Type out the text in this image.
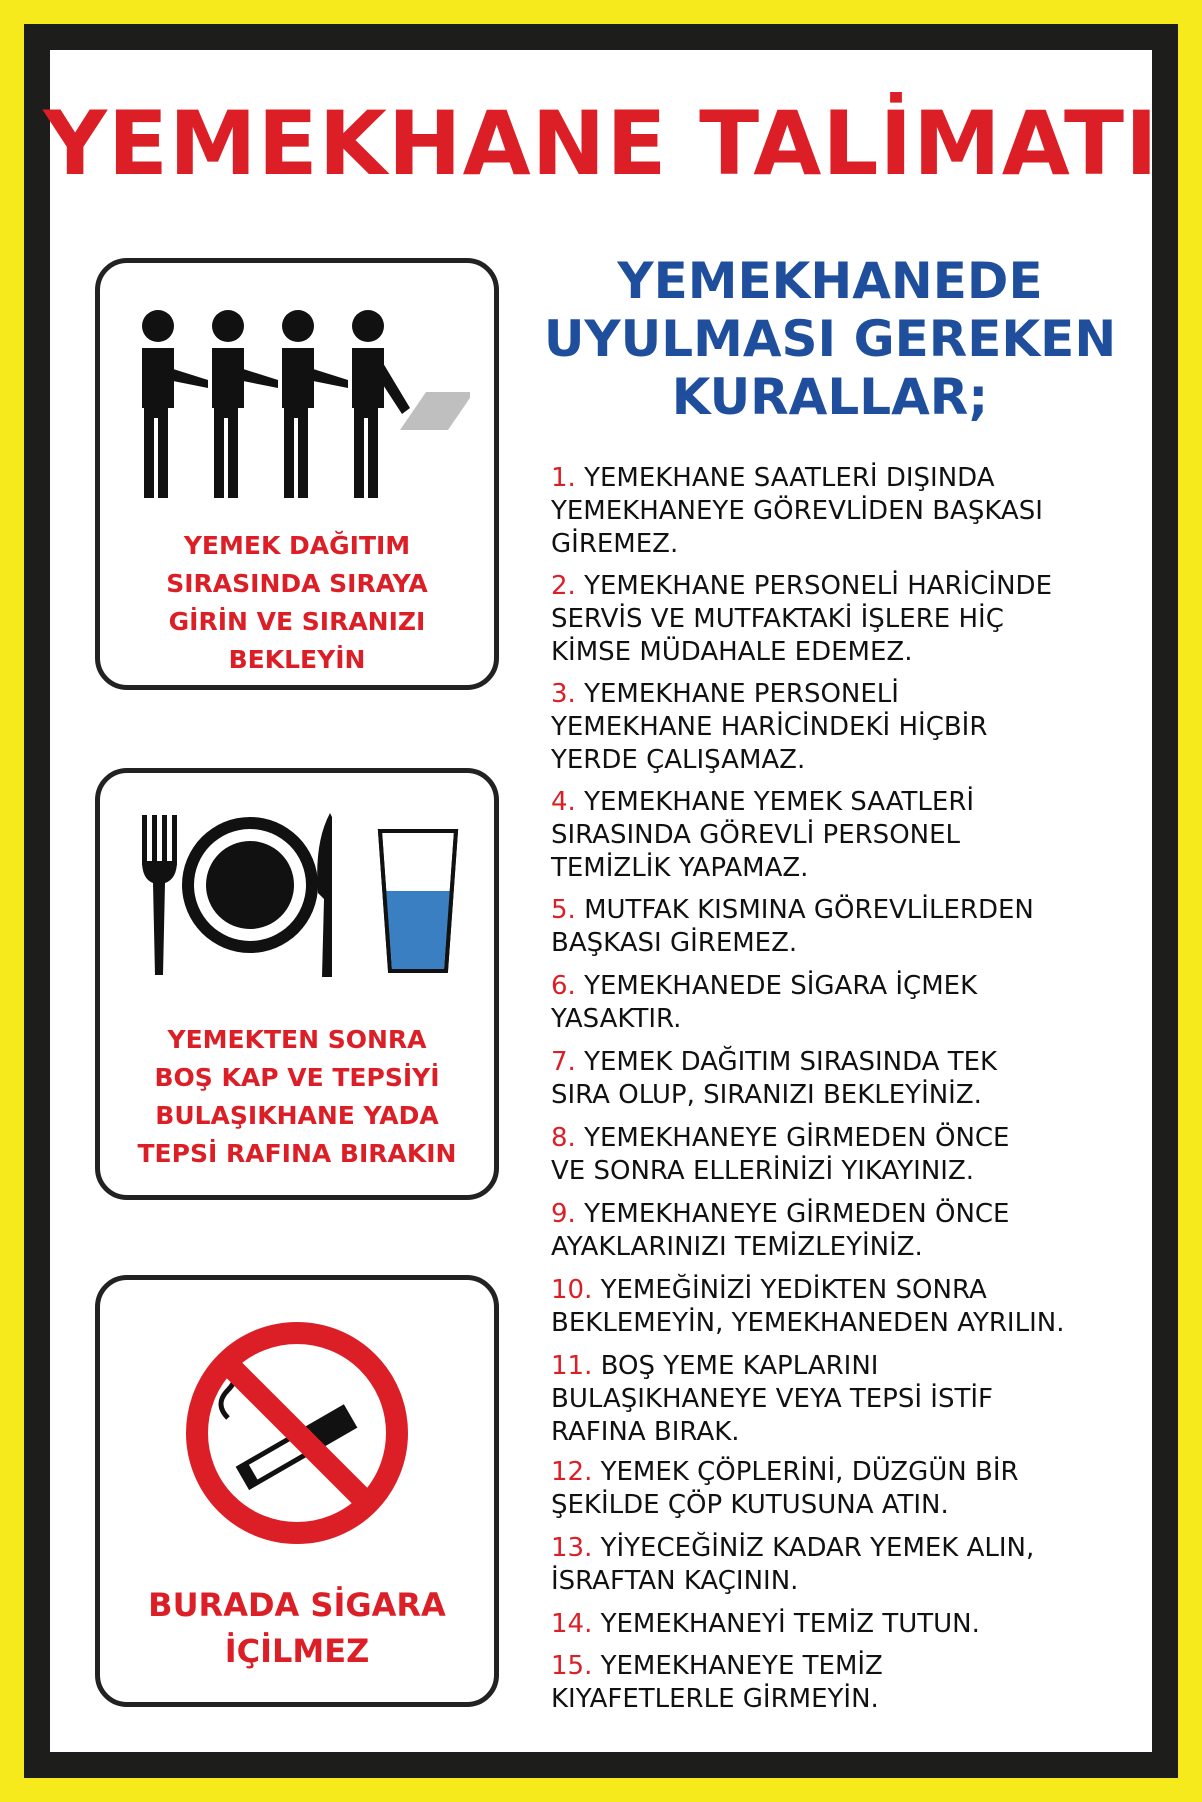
YEMEKHANE TALİMATI
YEMEK DAĞITIM
SIRASINDA SIRAYA
GİRİN VE SIRANIZI
BEKLEYİN
YEMEKTEN SONRA
BOŞ KAP VE TEPSİYİ
BULAŞIKHANE YADA
TEPSİ RAFINA BIRAKIN
BURADA SİGARA
İÇİLMEZ
YEMEKHANEDE
UYULMASI GEREKEN
KURALLAR;
1. YEMEKHANE SAATLERİ DIŞINDA
YEMEKHANEYE GÖREVLİDEN BAŞKASI
GİREMEZ.
2. YEMEKHANE PERSONELİ HARİCİNDE
SERVİS VE MUTFAKTAKİ İŞLERE HİÇ
KİMSE MÜDAHALE EDEMEZ.
3. YEMEKHANE PERSONELİ
YEMEKHANE HARİCİNDEKİ HİÇBİR
YERDE ÇALIŞAMAZ.
4. YEMEKHANE YEMEK SAATLERİ
SIRASINDA GÖREVLİ PERSONEL
TEMİZLİK YAPAMAZ.
5. MUTFAK KISMINA GÖREVLİLERDEN
BAŞKASI GİREMEZ.
6. YEMEKHANEDE SİGARA İÇMEK
YASAKTIR.
7. YEMEK DAĞITIM SIRASINDA TEK
SIRA OLUP, SIRANIZI BEKLEYİNİZ.
8. YEMEKHANEYE GİRMEDEN ÖNCE
VE SONRA ELLERİNİZİ YIKAYINIZ.
9. YEMEKHANEYE GİRMEDEN ÖNCE
AYAKLARINIZI TEMİZLEYİNİZ.
10. YEMEĞİNİZİ YEDİKTEN SONRA
BEKLEMEYİN, YEMEKHANEDEN AYRILIN.
11. BOŞ YEME KAPLARINI
BULAŞIKHANEYE VEYA TEPSİ İSTİF
RAFINA BIRAK.
12. YEMEK ÇÖPLERİNİ, DÜZGÜN BİR
ŞEKİLDE ÇÖP KUTUSUNA ATIN.
13. YİYECEĞİNİZ KADAR YEMEK ALIN,
İSRAFTAN KAÇININ.
14. YEMEKHANEYİ TEMİZ TUTUN.
15. YEMEKHANEYE TEMİZ
KIYAFETLERLE GİRMEYİN.
